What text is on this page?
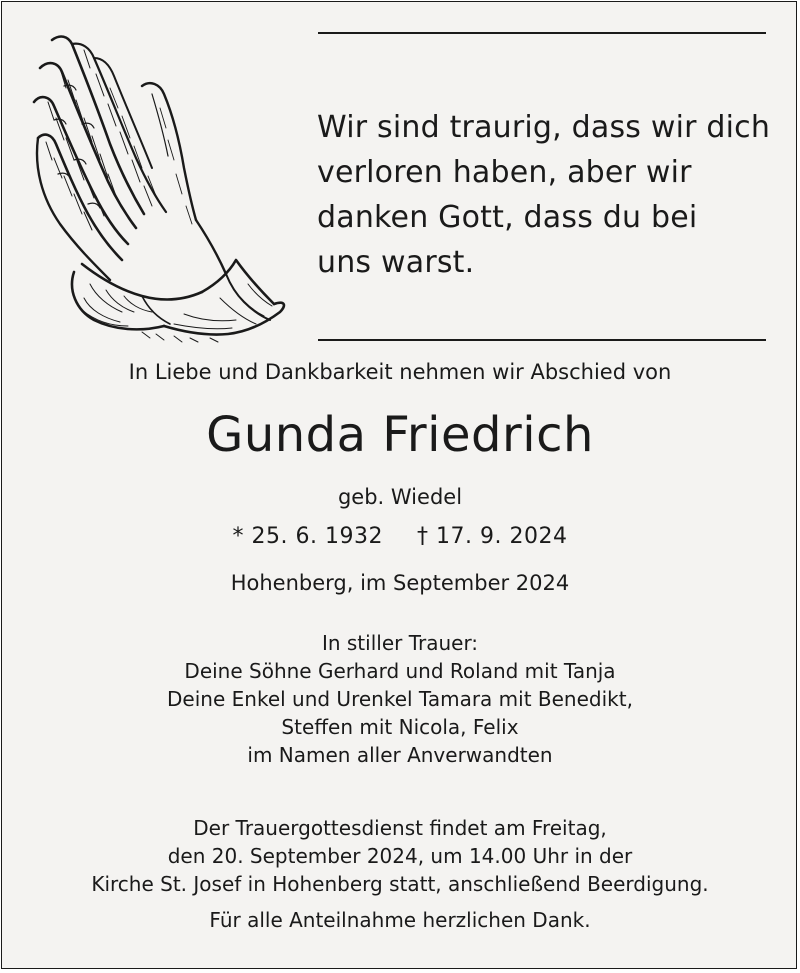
Wir sind traurig, dass wir dich
verloren haben, aber wir
danken Gott, dass du bei
uns warst.
In Liebe und Dankbarkeit nehmen wir Abschied von
Gunda Friedrich
geb. Wiedel
* 25. 6. 1932 † 17. 9. 2024
Hohenberg, im September 2024
In stiller Trauer:
Deine Söhne Gerhard und Roland mit Tanja
Deine Enkel und Urenkel Tamara mit Benedikt,
Steffen mit Nicola, Felix
im Namen aller Anverwandten
Der Trauergottesdienst findet am Freitag,
den 20. September 2024, um 14.00 Uhr in der
Kirche St. Josef in Hohenberg statt, anschließend Beerdigung.
Für alle Anteilnahme herzlichen Dank.
